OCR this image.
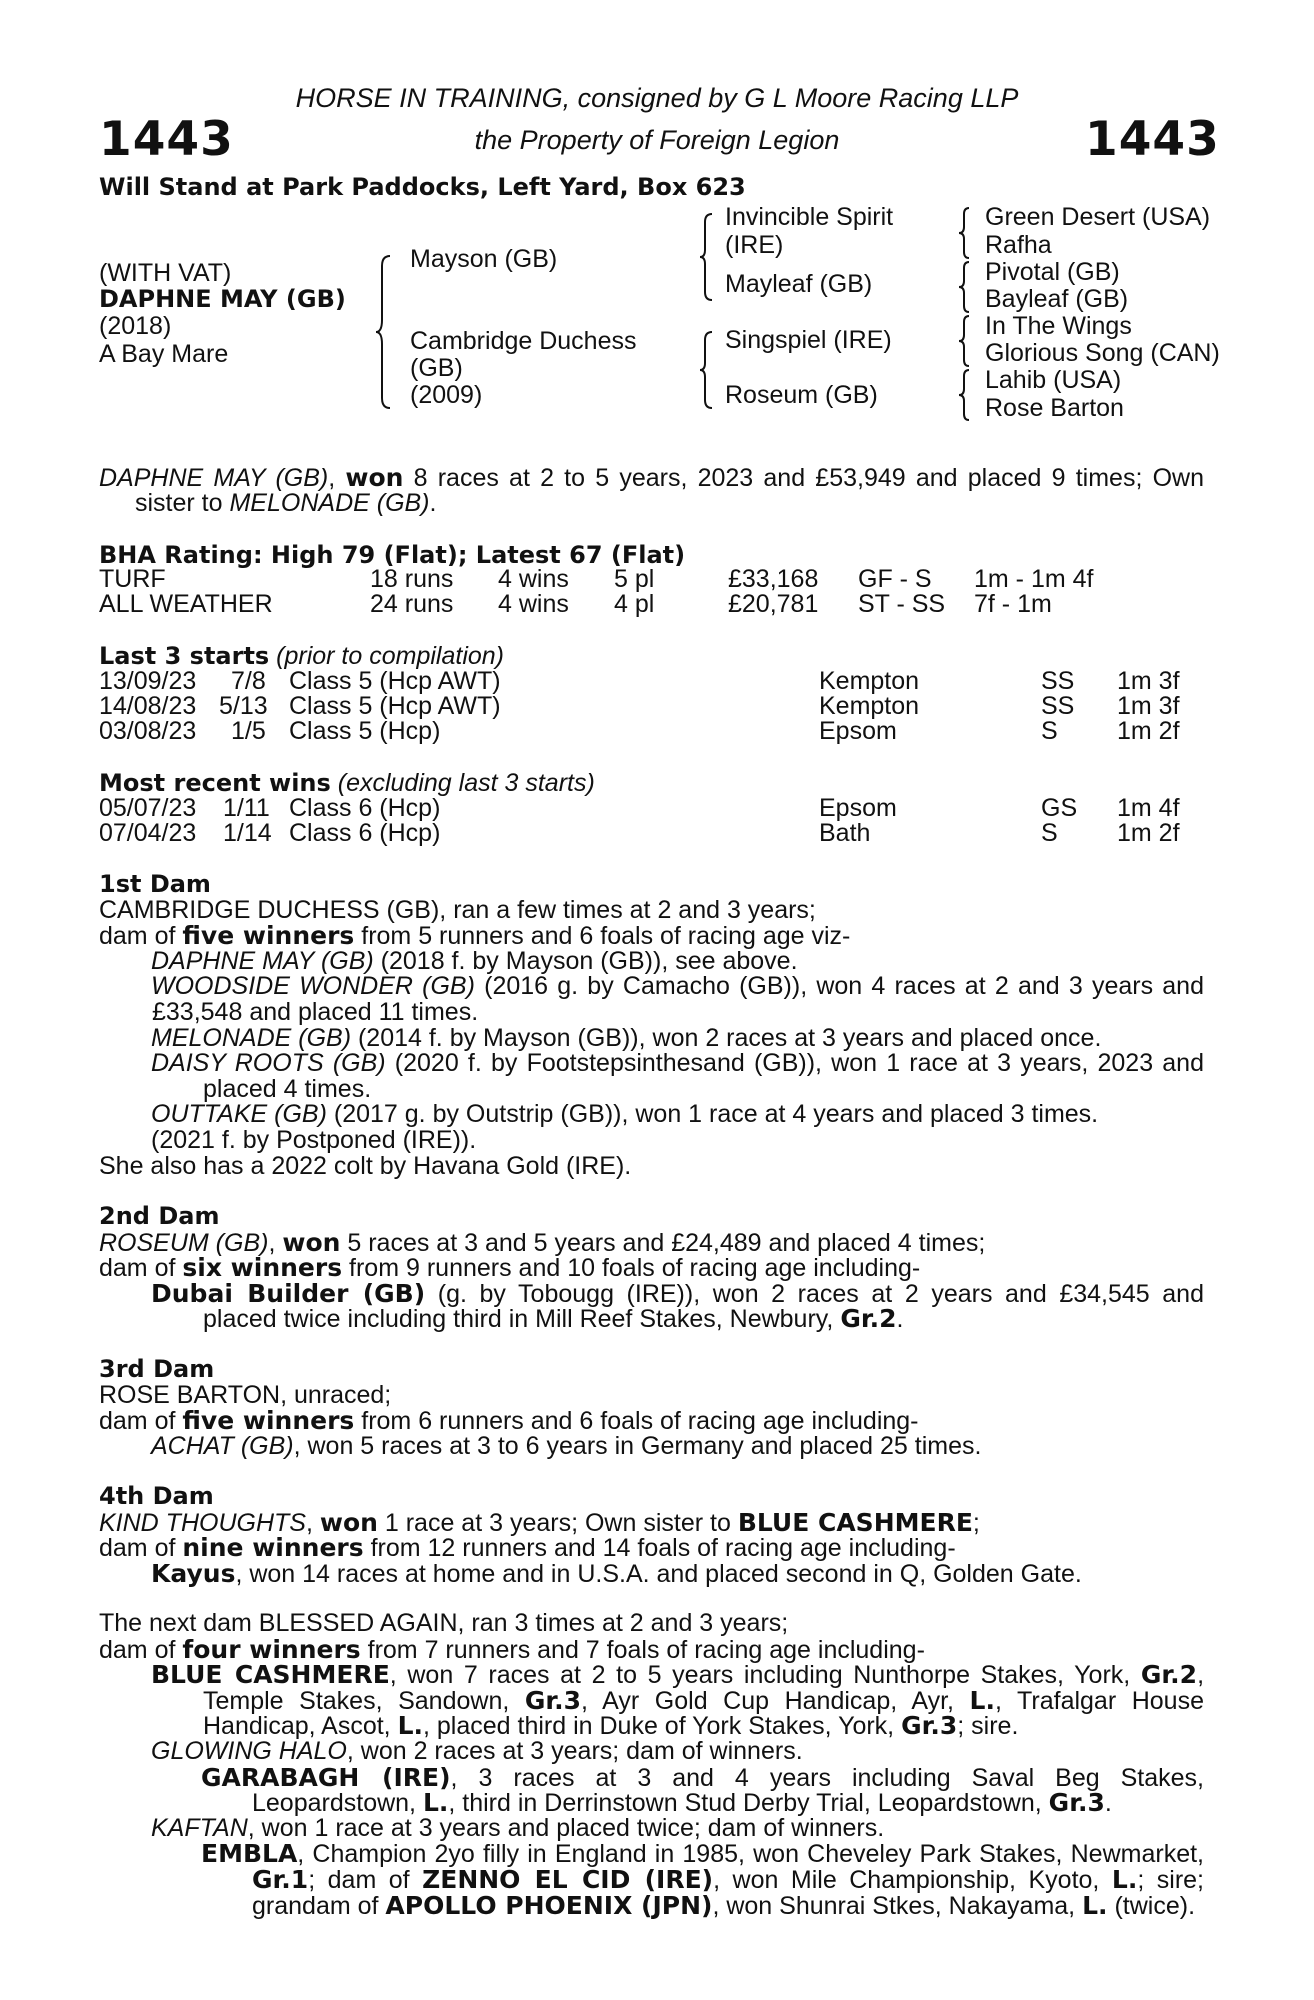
1443	1443
HORSE IN TRAINING, consigned by G L Moore Racing LLP
the Property of Foreign Legion
Will Stand at Park Paddocks, Left Yard, Box 623
(WITH VAT)
DAPHNE MAY (GB)
(2018)
A Bay Mare
Mayson (GB)
Cambridge Duchess
(GB)
(2009)
Invincible Spirit
(IRE)
Mayleaf (GB)
Singspiel (IRE)
Roseum (GB)
Green Desert (USA)
Rafha
Pivotal (GB)
Bayleaf (GB)
In The Wings
Glorious Song (CAN)
Lahib (USA)
Rose Barton
DAPHNE MAY (GB), won 8 races at 2 to 5 years, 2023 and £53,949 and placed 9 times; Own
sister to MELONADE (GB).
BHA Rating: High 79 (Flat); Latest 67 (Flat)
TURF	18 runs 4 wins 5 pl	£33,168 GF - S 1m - 1m 4f
ALL WEATHER	24 runs 4 wins 4 pl	£20,781 ST - SS 7f - 1m
Last 3 starts (prior to compilation)
13/09/23 7/8 Class 5 (Hcp AWT)	Kempton	SS 1m 3f
14/08/23 5/13 Class 5 (Hcp AWT)	Kempton	SS 1m 3f
03/08/23 1/5 Class 5 (Hcp)	Epsom	S 1m 2f
Most recent wins (excluding last 3 starts)
05/07/23 1/11 Class 6 (Hcp)	Epsom	GS 1m 4f
07/04/23 1/14 Class 6 (Hcp)	Bath	S 1m 2f
1st Dam
CAMBRIDGE DUCHESS (GB), ran a few times at 2 and 3 years;
dam of five winners from 5 runners and 6 foals of racing age viz-
DAPHNE MAY (GB) (2018 f. by Mayson (GB)), see above.
WOODSIDE WONDER (GB) (2016 g. by Camacho (GB)), won 4 races at 2 and 3 years and
£33,548 and placed 11 times.
MELONADE (GB) (2014 f. by Mayson (GB)), won 2 races at 3 years and placed once.
DAISY ROOTS (GB) (2020 f. by Footstepsinthesand (GB)), won 1 race at 3 years, 2023 and
placed 4 times.
OUTTAKE (GB) (2017 g. by Outstrip (GB)), won 1 race at 4 years and placed 3 times.
(2021 f. by Postponed (IRE)).
She also has a 2022 colt by Havana Gold (IRE).
2nd Dam
ROSEUM (GB), won 5 races at 3 and 5 years and £24,489 and placed 4 times;
dam of six winners from 9 runners and 10 foals of racing age including-
Dubai Builder (GB) (g. by Tobougg (IRE)), won 2 races at 2 years and £34,545 and
placed twice including third in Mill Reef Stakes, Newbury, Gr.2.
3rd Dam
ROSE BARTON, unraced;
dam of five winners from 6 runners and 6 foals of racing age including-
ACHAT (GB), won 5 races at 3 to 6 years in Germany and placed 25 times.
4th Dam
KIND THOUGHTS, won 1 race at 3 years; Own sister to BLUE CASHMERE;
dam of nine winners from 12 runners and 14 foals of racing age including-
Kayus, won 14 races at home and in U.S.A. and placed second in Q, Golden Gate.
The next dam BLESSED AGAIN, ran 3 times at 2 and 3 years;
dam of four winners from 7 runners and 7 foals of racing age including-
BLUE CASHMERE, won 7 races at 2 to 5 years including Nunthorpe Stakes, York, Gr.2,
Temple Stakes, Sandown, Gr.3, Ayr Gold Cup Handicap, Ayr, L., Trafalgar House
Handicap, Ascot, L., placed third in Duke of York Stakes, York, Gr.3; sire.
GLOWING HALO, won 2 races at 3 years; dam of winners.
GARABAGH (IRE), 3 races at 3 and 4 years including Saval Beg Stakes,
Leopardstown, L., third in Derrinstown Stud Derby Trial, Leopardstown, Gr.3.
KAFTAN, won 1 race at 3 years and placed twice; dam of winners.
EMBLA, Champion 2yo filly in England in 1985, won Cheveley Park Stakes, Newmarket,
Gr.1; dam of ZENNO EL CID (IRE), won Mile Championship, Kyoto, L.; sire;
grandam of APOLLO PHOENIX (JPN), won Shunrai Stkes, Nakayama, L. (twice).
